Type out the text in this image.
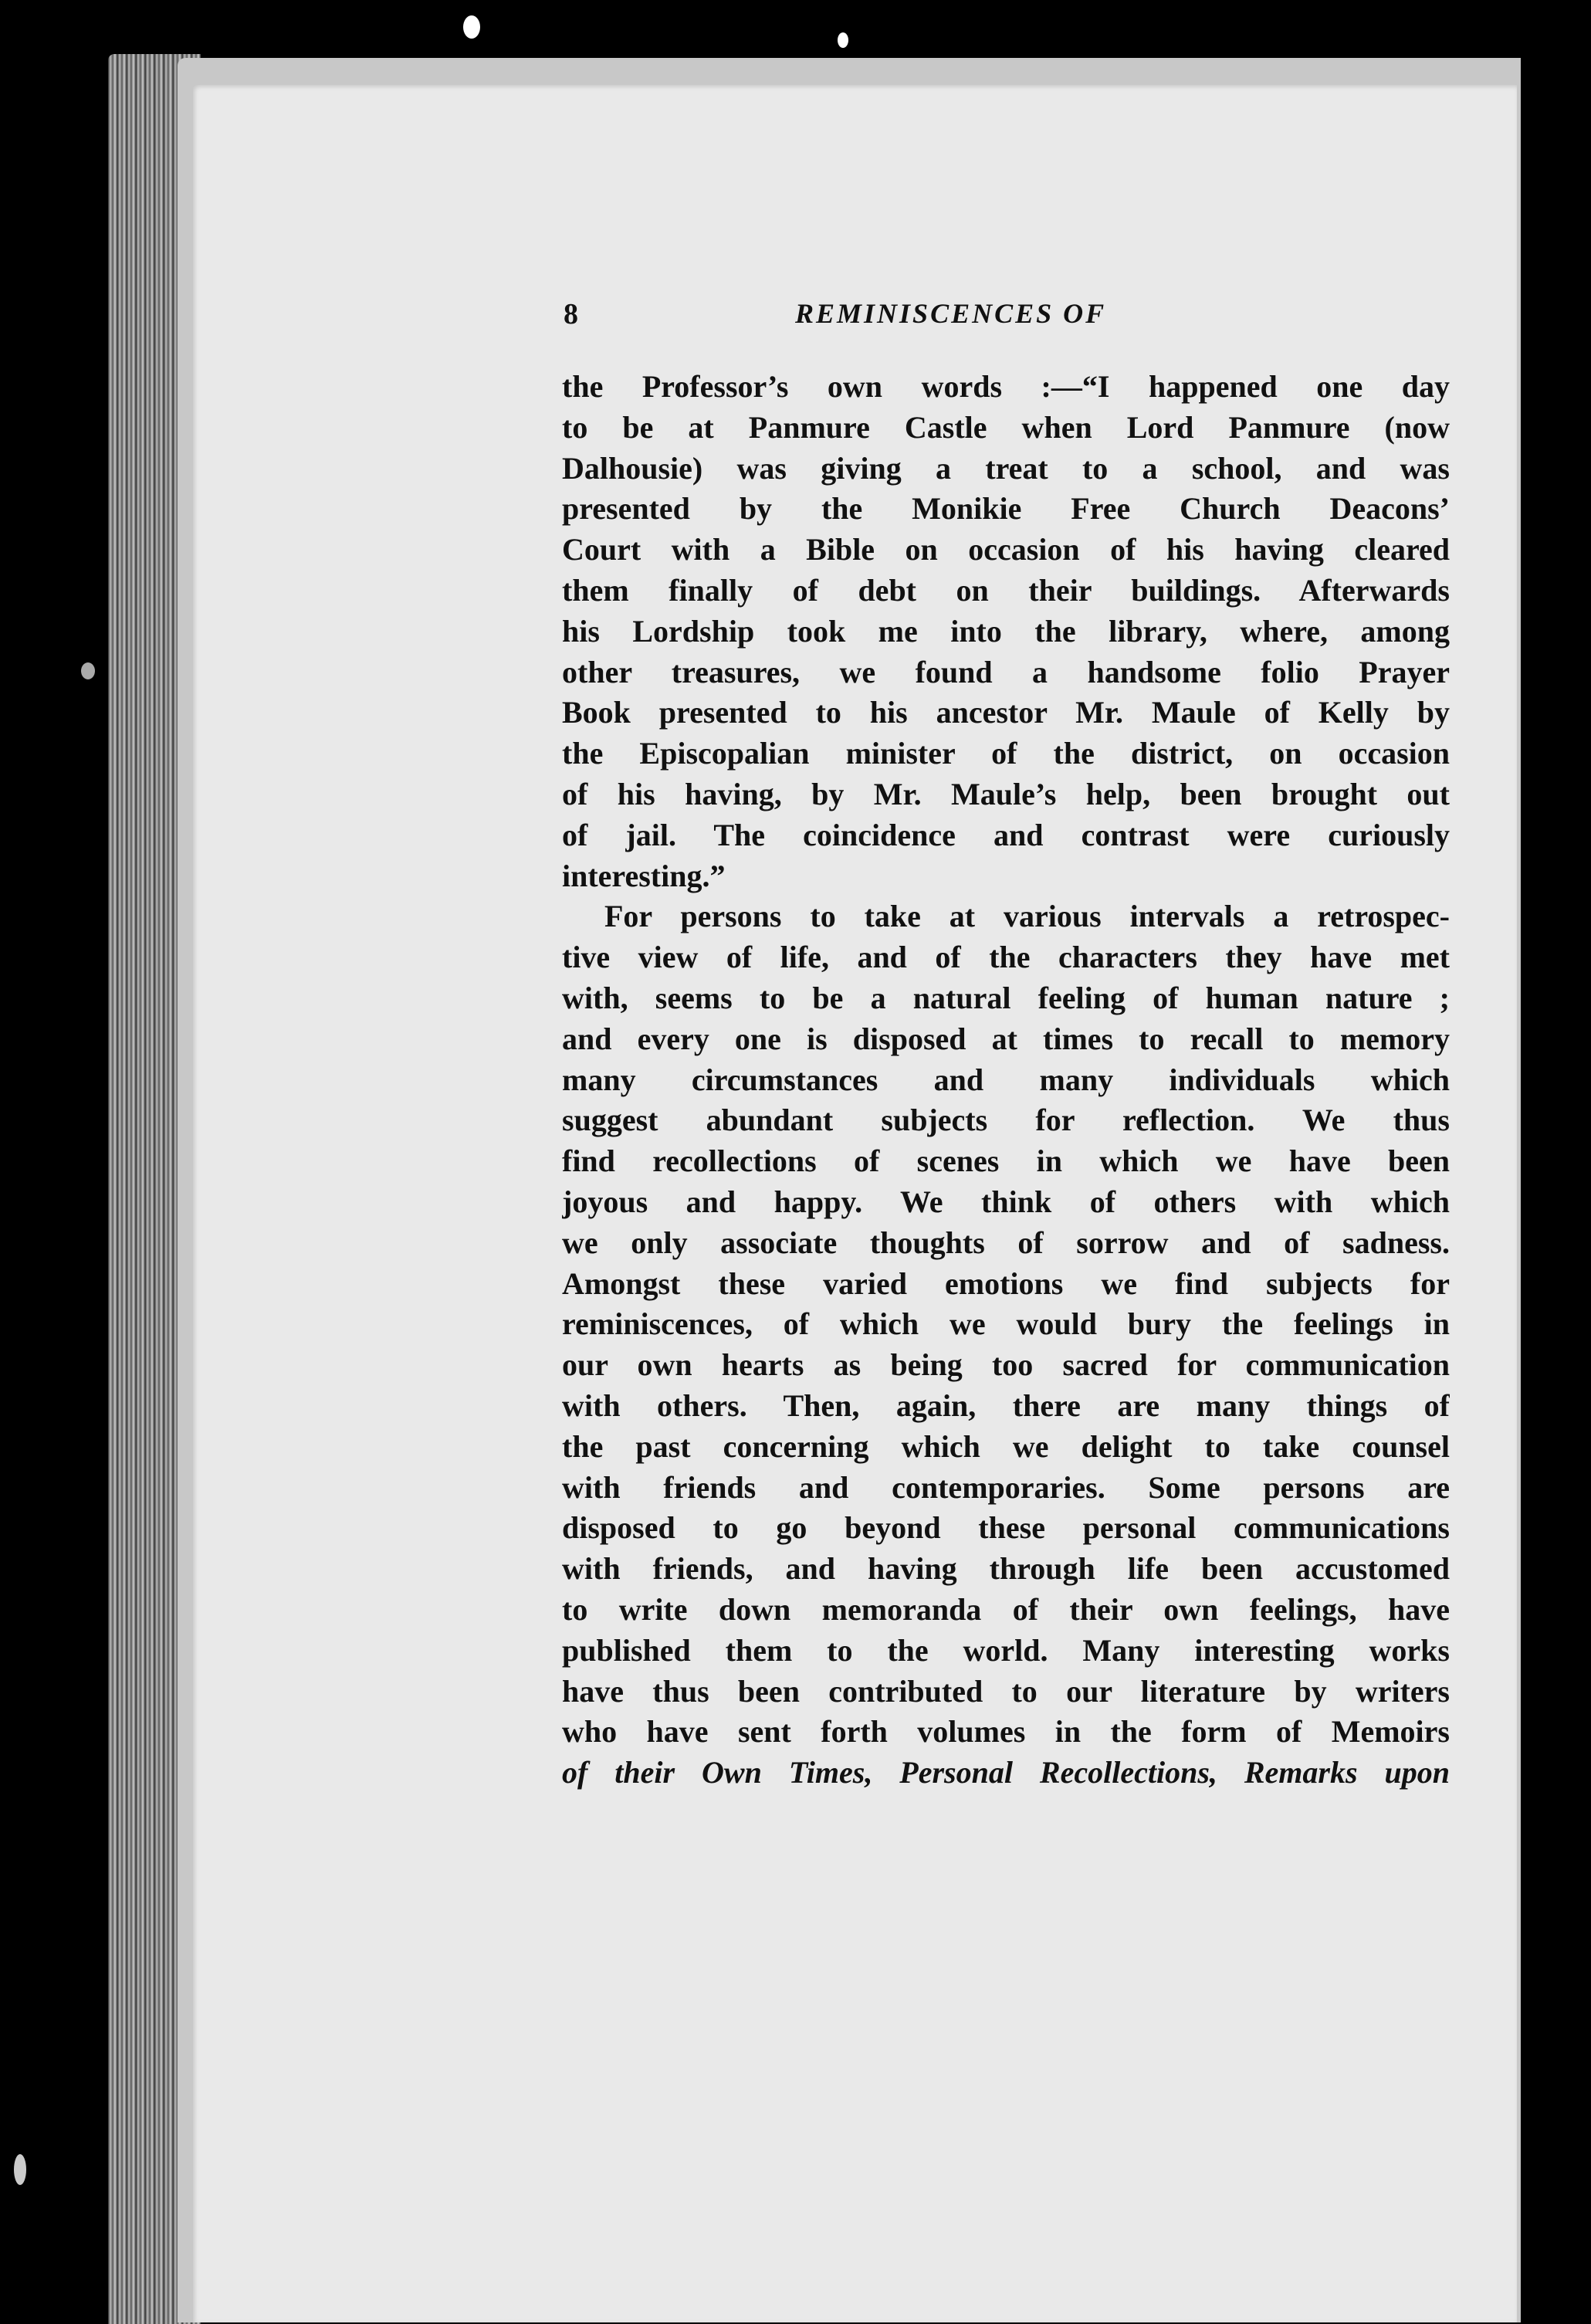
8	REMINISCENCES OF
the Professor’s own words :—“I happened one day
to be at Panmure Castle when Lord Panmure (now
Dalhousie) was giving a treat to a school, and was
presented by the Monikie Free Church Deacons’
Court with a Bible on occasion of his having cleared
them finally of debt on their buildings. Afterwards
his Lordship took me into the library, where, among
other treasures, we found a handsome folio Prayer
Book presented to his ancestor Mr. Maule of Kelly by
the Episcopalian minister of the district, on occasion
of his having, by Mr. Maule’s help, been brought out
of jail. The coincidence and contrast were curiously
interesting.”
For persons to take at various intervals a retrospec-
tive view of life, and of the characters they have met
with, seems to be a natural feeling of human nature ;
and every one is disposed at times to recall to memory
many circumstances and many individuals which
suggest abundant subjects for reflection. We thus
find recollections of scenes in which we have been
joyous and happy. We think of others with which
we only associate thoughts of sorrow and of sadness.
Amongst these varied emotions we find subjects for
reminiscences, of which we would bury the feelings in
our own hearts as being too sacred for communication
with others. Then, again, there are many things of
the past concerning which we delight to take counsel
with friends and contemporaries. Some persons are
disposed to go beyond these personal communications
with friends, and having through life been accustomed
to write down memoranda of their own feelings, have
published them to the world. Many interesting works
have thus been contributed to our literature by writers
who have sent forth volumes in the form of Memoirs
of their Own Times, Personal Recollections, Remarks upon
